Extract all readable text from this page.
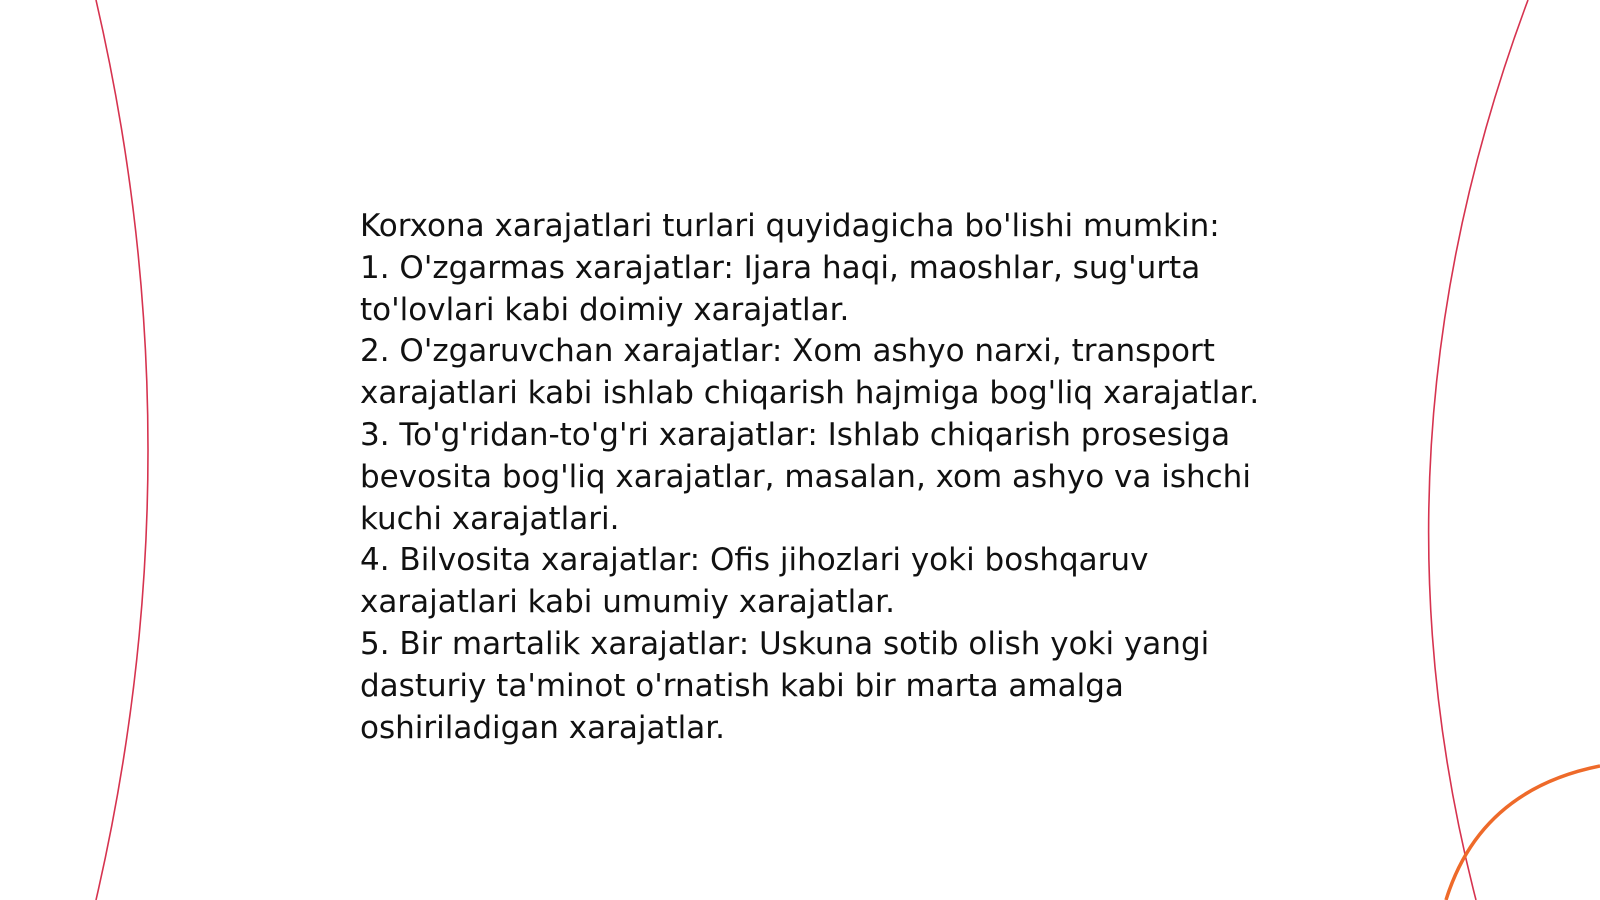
Korxona xarajatlari turlari quyidagicha bo'lishi mumkin:

1. O'zgarmas xarajatlar: Ijara haqi, maoshlar, sug'urta to'lovlari kabi doimiy xarajatlar.

2. O'zgaruvchan xarajatlar: Xom ashyo narxi, transport xarajatlari kabi ishlab chiqarish hajmiga bog'liq xarajatlar.

3. To'g'ridan-to'g'ri xarajatlar: Ishlab chiqarish prosesiga bevosita bog'liq xarajatlar, masalan, xom ashyo va ishchi kuchi xarajatlari.

4. Bilvosita xarajatlar: Ofis jihozlari yoki boshqaruv xarajatlari kabi umumiy xarajatlar.

5. Bir martalik xarajatlar: Uskuna sotib olish yoki yangi dasturiy ta'minot o'rnatish kabi bir marta amalga oshiriladigan xarajatlar.
